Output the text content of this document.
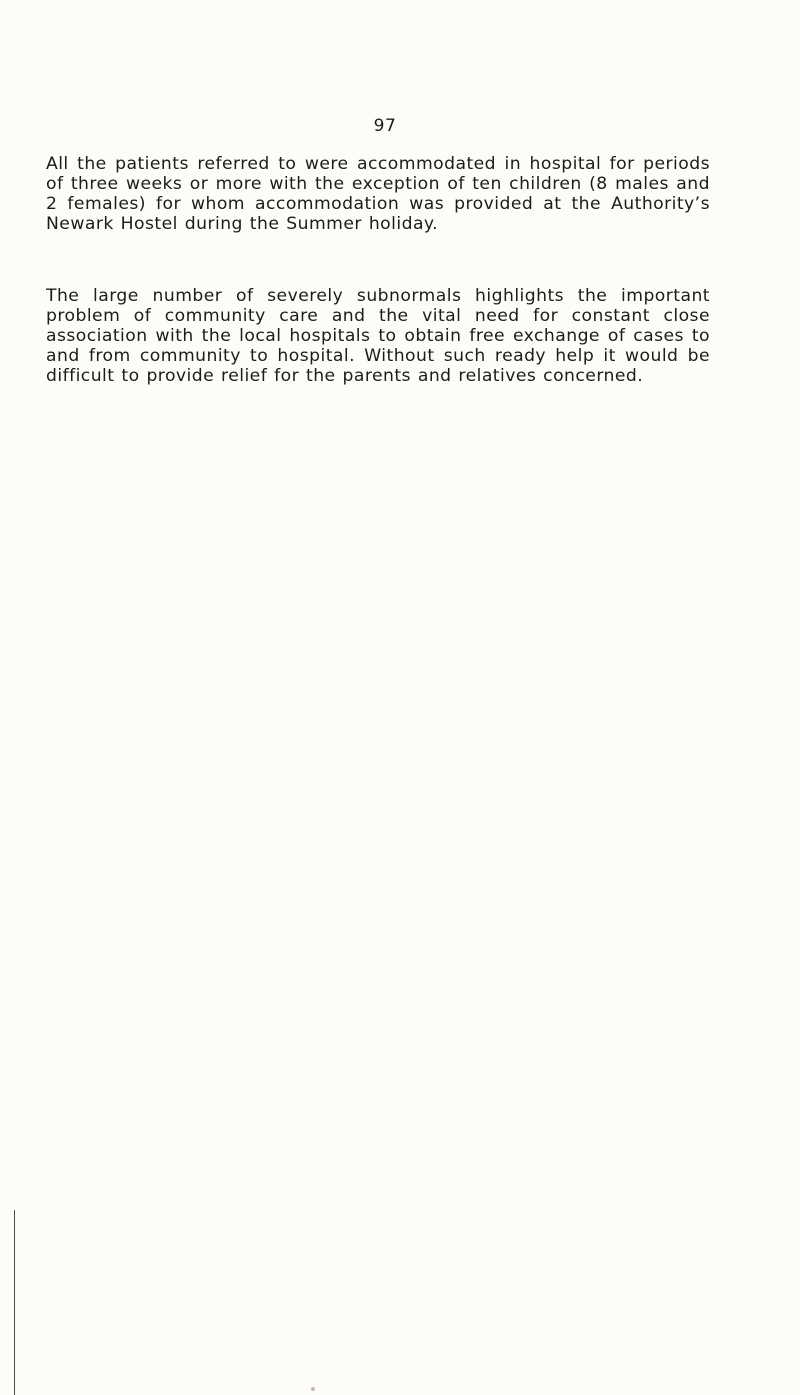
97

All the patients referred to were accommodated in hospital for periods of three weeks or more with the exception of ten children (8 males and 2 females) for whom accommodation was provided at the Authority’s Newark Hostel during the Summer holiday.

The large number of severely subnormals highlights the important problem of community care and the vital need for constant close association with the local hospitals to obtain free exchange of cases to and from community to hospital. Without such ready help it would be difficult to provide relief for the parents and relatives concerned.
